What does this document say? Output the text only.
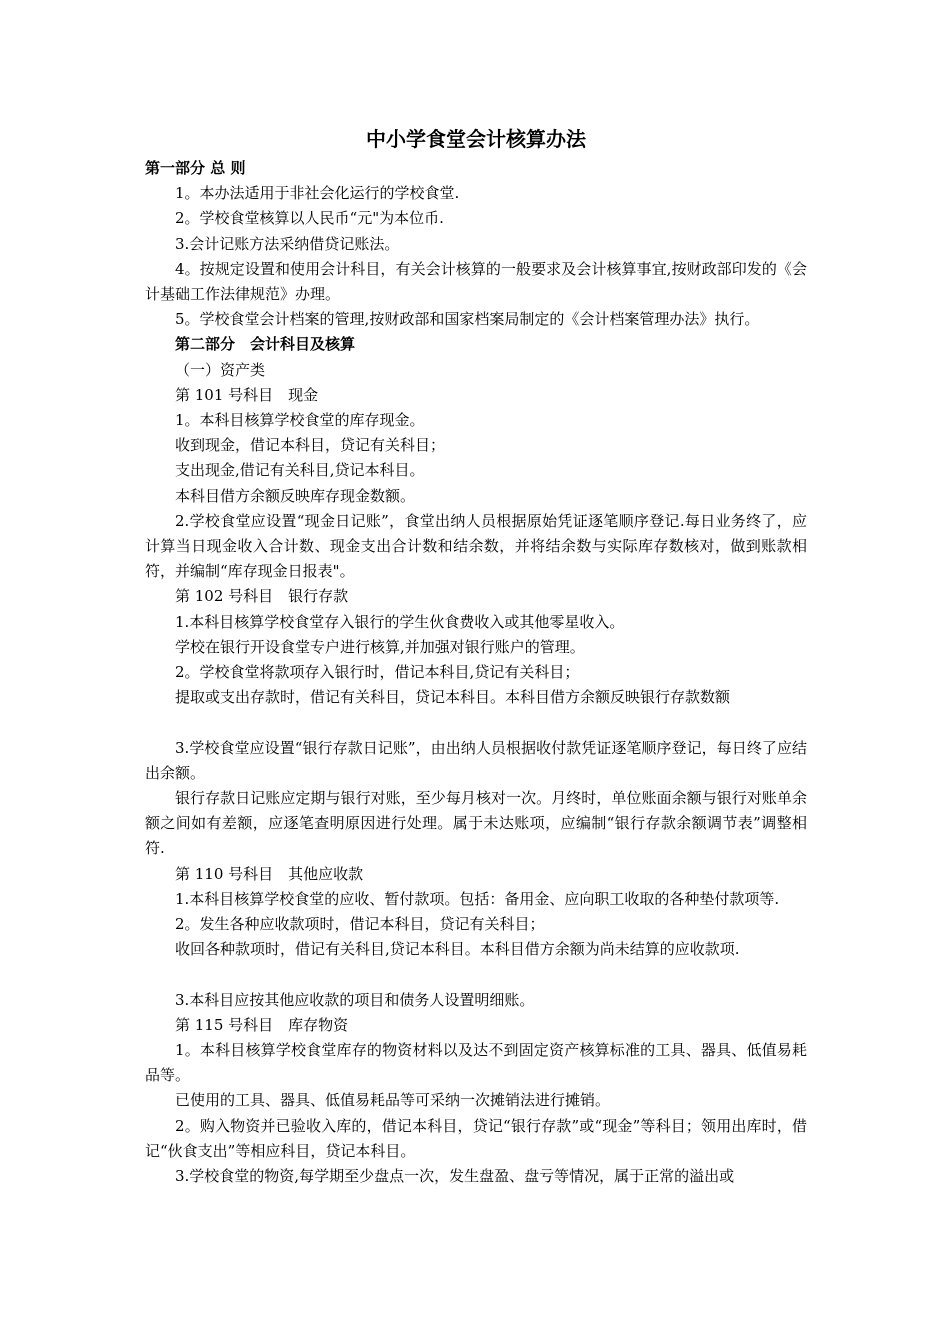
中小学食堂会计核算办法

第一部分 总 则

1。本办法适用于非社会化运行的学校食堂.

2。学校食堂核算以人民币“元"为本位币.

3.会计记账方法采纳借贷记账法。

4。按规定设置和使用会计科目，有关会计核算的一般要求及会计核算事宜,按财政部印发的《会计基础工作法律规范》办理。

5。学校食堂会计档案的管理,按财政部和国家档案局制定的《会计档案管理办法》执行。

第二部分　会计科目及核算

（一）资产类

第 101 号科目　现金

1。本科目核算学校食堂的库存现金。

收到现金，借记本科目，贷记有关科目；

支出现金,借记有关科目,贷记本科目。

本科目借方余额反映库存现金数额。

2.学校食堂应设置“现金日记账”，食堂出纳人员根据原始凭证逐笔顺序登记.每日业务终了，应计算当日现金收入合计数、现金支出合计数和结余数，并将结余数与实际库存数核对，做到账款相符，并编制“库存现金日报表"。

第 102 号科目　银行存款

1.本科目核算学校食堂存入银行的学生伙食费收入或其他零星收入。

学校在银行开设食堂专户进行核算,并加强对银行账户的管理。

2。学校食堂将款项存入银行时，借记本科目,贷记有关科目；

提取或支出存款时，借记有关科目，贷记本科目。本科目借方余额反映银行存款数额

3.学校食堂应设置“银行存款日记账”，由出纳人员根据收付款凭证逐笔顺序登记，每日终了应结出余额。

银行存款日记账应定期与银行对账，至少每月核对一次。月终时，单位账面余额与银行对账单余额之间如有差额，应逐笔查明原因进行处理。属于未达账项，应编制“银行存款余额调节表”调整相符.

第 110 号科目　其他应收款

1.本科目核算学校食堂的应收、暂付款项。包括：备用金、应向职工收取的各种垫付款项等.

2。发生各种应收款项时，借记本科目，贷记有关科目；

收回各种款项时，借记有关科目,贷记本科目。本科目借方余额为尚未结算的应收款项.

3.本科目应按其他应收款的项目和债务人设置明细账。

第 115 号科目　库存物资

1。本科目核算学校食堂库存的物资材料以及达不到固定资产核算标准的工具、器具、低值易耗品等。

已使用的工具、器具、低值易耗品等可采纳一次摊销法进行摊销。

2。购入物资并已验收入库的，借记本科目，贷记“银行存款”或“现金”等科目；领用出库时，借记“伙食支出”等相应科目，贷记本科目。

3.学校食堂的物资,每学期至少盘点一次，发生盘盈、盘亏等情况，属于正常的溢出或
